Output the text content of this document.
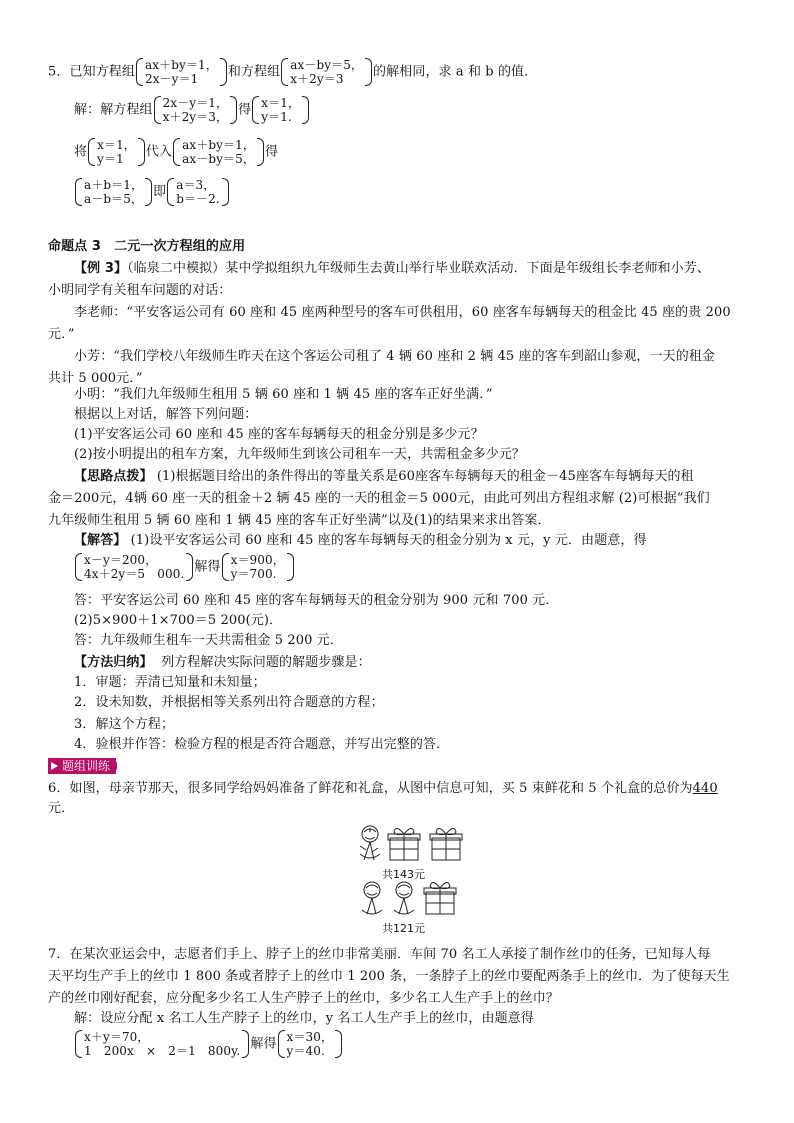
5．已知方程组 ax＋by＝1，
2x－y＝1	和方程组 ax－by＝5，
x＋2y＝3	的解相同，求 a 和 b 的值．
解：解方程组 2x－y＝1，
x＋2y＝3， 得 x＝1，
y＝1.
将 x＝1，
y＝1	代入 ax＋by＝1，
ax－by＝5， 得
a＋b＝1，
a－b＝5， 即 a＝3，
b＝－2.
命题点 3　二元一次方程组的应用
【例 3】（临泉二中模拟）某中学拟组织九年级师生去黄山举行毕业联欢活动．下面是年级组长李老师和小芳、
小明同学有关租车问题的对话：
李老师：“平安客运公司有 60 座和 45 座两种型号的客车可供租用，60 座客车每辆每天的租金比 45 座的贵 200
元．”
小芳：“我们学校八年级师生昨天在这个客运公司租了 4 辆 60 座和 2 辆 45 座的客车到韶山参观，一天的租金
共计 5 000元．”
小明：“我们九年级师生租用 5 辆 60 座和 1 辆 45 座的客车正好坐满．”
根据以上对话，解答下列问题：
(1)平安客运公司 60 座和 45 座的客车每辆每天的租金分别是多少元？
(2)按小明提出的租车方案，九年级师生到该公司租车一天，共需租金多少元？
【思路点拨】 (1)根据题目给出的条件得出的等量关系是60座客车每辆每天的租金－45座客车每辆每天的租
金＝200元，4辆 60 座一天的租金＋2 辆 45 座的一天的租金＝5 000元，由此可列出方程组求解 (2)可根据“我们
九年级师生租用 5 辆 60 座和 1 辆 45 座的客车正好坐满”以及(1)的结果来求出答案．
【解答】 (1)设平安客运公司 60 座和 45 座的客车每辆每天的租金分别为 x 元，y 元．由题意，得
x－y＝200，
4x＋2y＝5　000. 解得 x＝900，
y＝700.
答：平安客运公司 60 座和 45 座的客车每辆每天的租金分别为 900 元和 700 元．
(2)5×900＋1×700＝5 200(元)．
答：九年级师生租车一天共需租金 5 200 元．
【方法归纳】 列方程解决实际问题的解题步骤是：
1．审题：弄清已知量和未知量；
2．设未知数，并根据相等关系列出符合题意的方程；
3．解这个方程；
4．验根并作答：检验方程的根是否符合题意，并写出完整的答．
题组训练
6．如图，母亲节那天，很多同学给妈妈准备了鲜花和礼盒，从图中信息可知，买 5 束鲜花和 5 个礼盒的总价为440
元．
共143元
共121元
7．在某次亚运会中，志愿者们手上、脖子上的丝巾非常美丽．车间 70 名工人承接了制作丝巾的任务，已知每人每
天平均生产手上的丝巾 1 800 条或者脖子上的丝巾 1 200 条，一条脖子上的丝巾要配两条手上的丝巾．为了使每天生
产的丝巾刚好配套，应分配多少名工人生产脖子上的丝巾，多少名工人生产手上的丝巾？
解：设应分配 x 名工人生产脖子上的丝巾，y 名工人生产手上的丝巾，由题意得
x＋y＝70，
1　200x　×　2＝1　800y. 解得 x＝30，
y＝40.
